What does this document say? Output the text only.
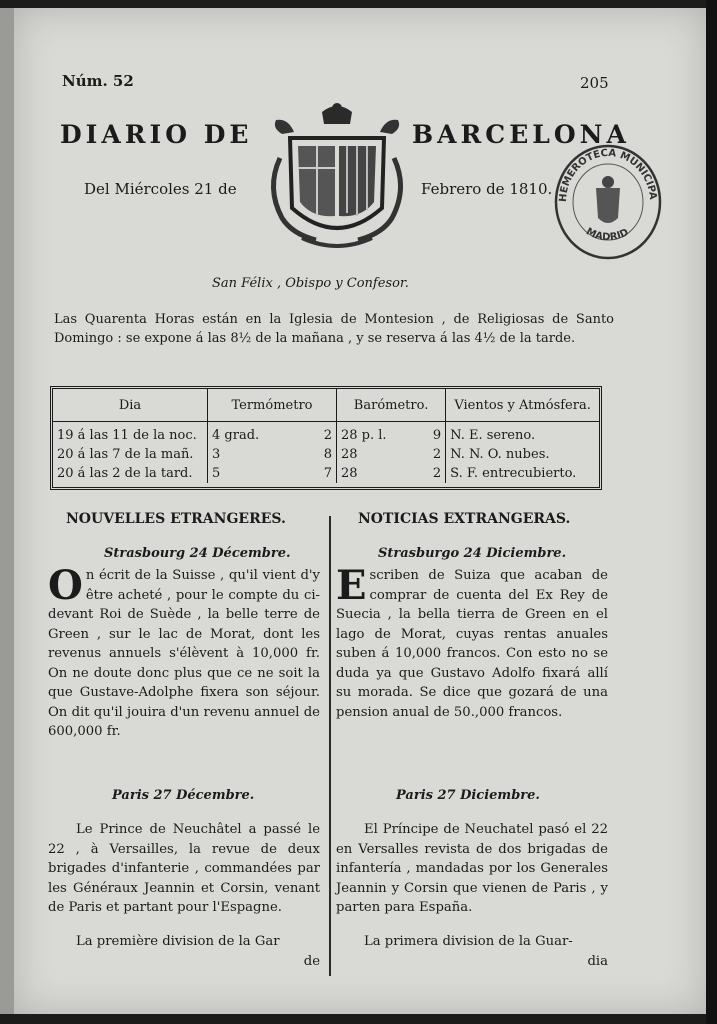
Núm. 52	205
DIARIO DE	BARCELONA
Del Miércoles 21 de	Febrero de 1810. HEMEROTECA MUNICIPA
MADRID
San Félix , Obispo y Confesor.
Las Quarenta Horas están en la Iglesia de Montesion , de Religiosas de Santo Domingo : se expone á las 8½ de la mañana , y se reserva á las 4½ de la tarde.
Dia	Termómetro		Barómetro.		Vientos y Atmósfera.
19 á las 11 de la noc.	4 grad.	2	28 p. l.	9	N. E. sereno.
20 á las 7 de la mañ.	3	8	28	2	N. N. O. nubes.
20 á las 2 de la tard.	5	7	28	2	S. F. entrecubierto.
NOUVELLES ETRANGERES.
Strasbourg 24 Décembre.
On écrit de la Suisse , qu'il vient d'y être acheté , pour le compte du ci-devant Roi de Suède , la belle terre de Green , sur le lac de Morat, dont les revenus annuels s'élèvent à 10,000 fr. On ne doute donc plus que ce ne soit la que Gustave-Adolphe fixera son séjour. On dit qu'il jouira d'un revenu annuel de 600,000 fr.
Paris 27 Décembre.
Le Prince de Neuchâtel a passé le 22 , à Versailles, la revue de deux brigades d'infanterie , commandées par les Généraux Jeannin et Corsin, venant de Paris et partant pour l'Espagne.
La première division de la Gar
de
NOTICIAS EXTRANGERAS.
Strasburgo 24 Diciembre.
Escriben de Suiza que acaban de comprar de cuenta del Ex Rey de Suecia , la bella tierra de Green en el lago de Morat, cuyas rentas anuales suben á 10,000 francos. Con esto no se duda ya que Gustavo Adolfo fixará allí su morada. Se dice que gozará de una pension anual de 50.,000 francos.
Paris 27 Diciembre.
El Príncipe de Neuchatel pasó el 22 en Versalles revista de dos brigadas de infantería , mandadas por los Generales Jeannin y Corsin que vienen de Paris , y parten para España.
La primera division de la Guar-
dia
